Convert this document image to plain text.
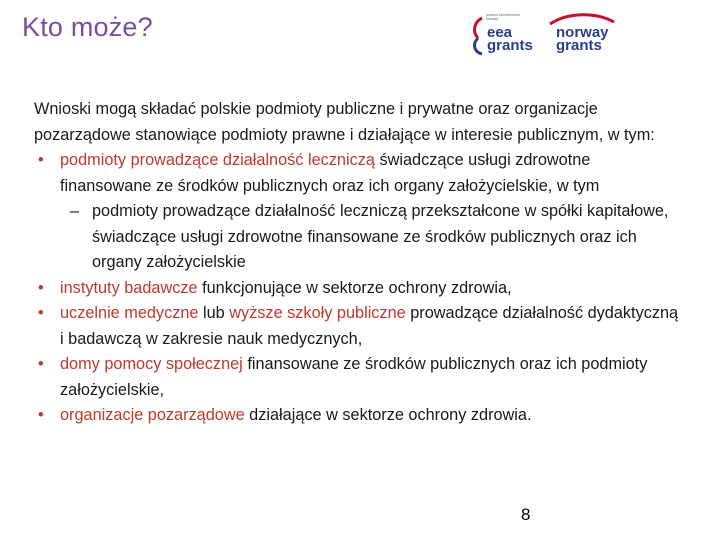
Kto może?	Iceland Liechtenstein Norway
eea
grants
norway
grants

Wnioski mogą składać polskie podmioty publiczne i prywatne oraz organizacje pozarządowe stanowiące podmioty prawne i działające w interesie publicznym, w tym:

• podmioty prowadzące działalność leczniczą świadczące usługi zdrowotne finansowane ze środków publicznych oraz ich organy założycielskie, w tym
– podmioty prowadzące działalność leczniczą przekształcone w spółki kapitałowe, świadczące usługi zdrowotne finansowane ze środków publicznych oraz ich organy założycielskie
• instytuty badawcze funkcjonujące w sektorze ochrony zdrowia,
• uczelnie medyczne lub wyższe szkoły publiczne prowadzące działalność dydaktyczną i badawczą w zakresie nauk medycznych,
• domy pomocy społecznej finansowane ze środków publicznych oraz ich podmioty założycielskie,
• organizacje pozarządowe działające w sektorze ochrony zdrowia.
8
